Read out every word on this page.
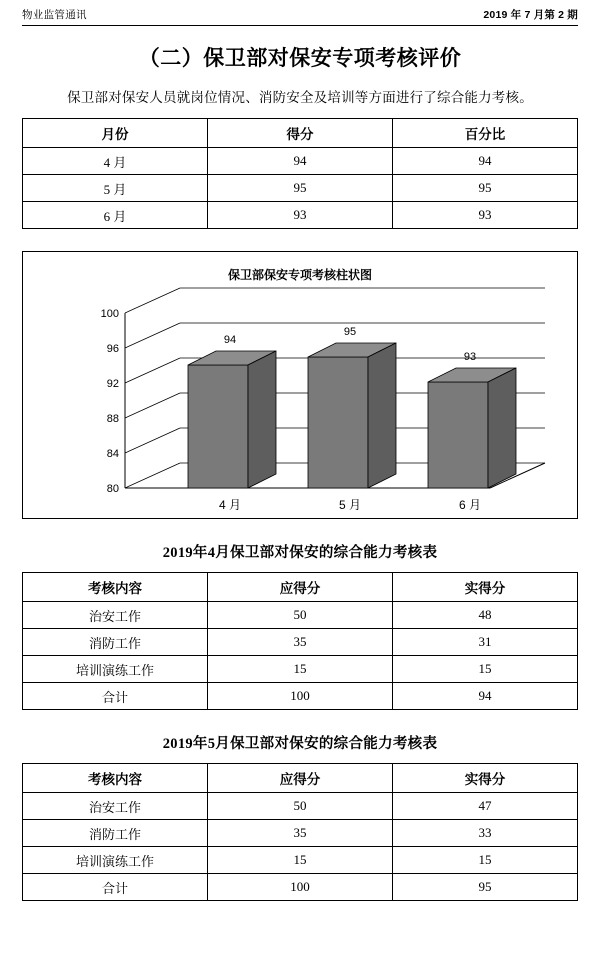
物业监管通讯	2019 年 7 月第 2 期
（二）保卫部对保安专项考核评价
保卫部对保安人员就岗位情况、消防安全及培训等方面进行了综合能力考核。
月份	得分	百分比
4 月	94	94
5 月	95	95
6 月	93	93
保卫部保安专项考核柱状图
80
84
88
92
96
100
94
95
93
4 月	5 月	6 月
2019年4月保卫部对保安的综合能力考核表
考核内容	应得分	实得分
治安工作	50	48
消防工作	35	31
培训演练工作	15	15
合计	100	94
2019年5月保卫部对保安的综合能力考核表
考核内容	应得分	实得分
治安工作	50	47
消防工作	35	33
培训演练工作	15	15
合计	100	95
